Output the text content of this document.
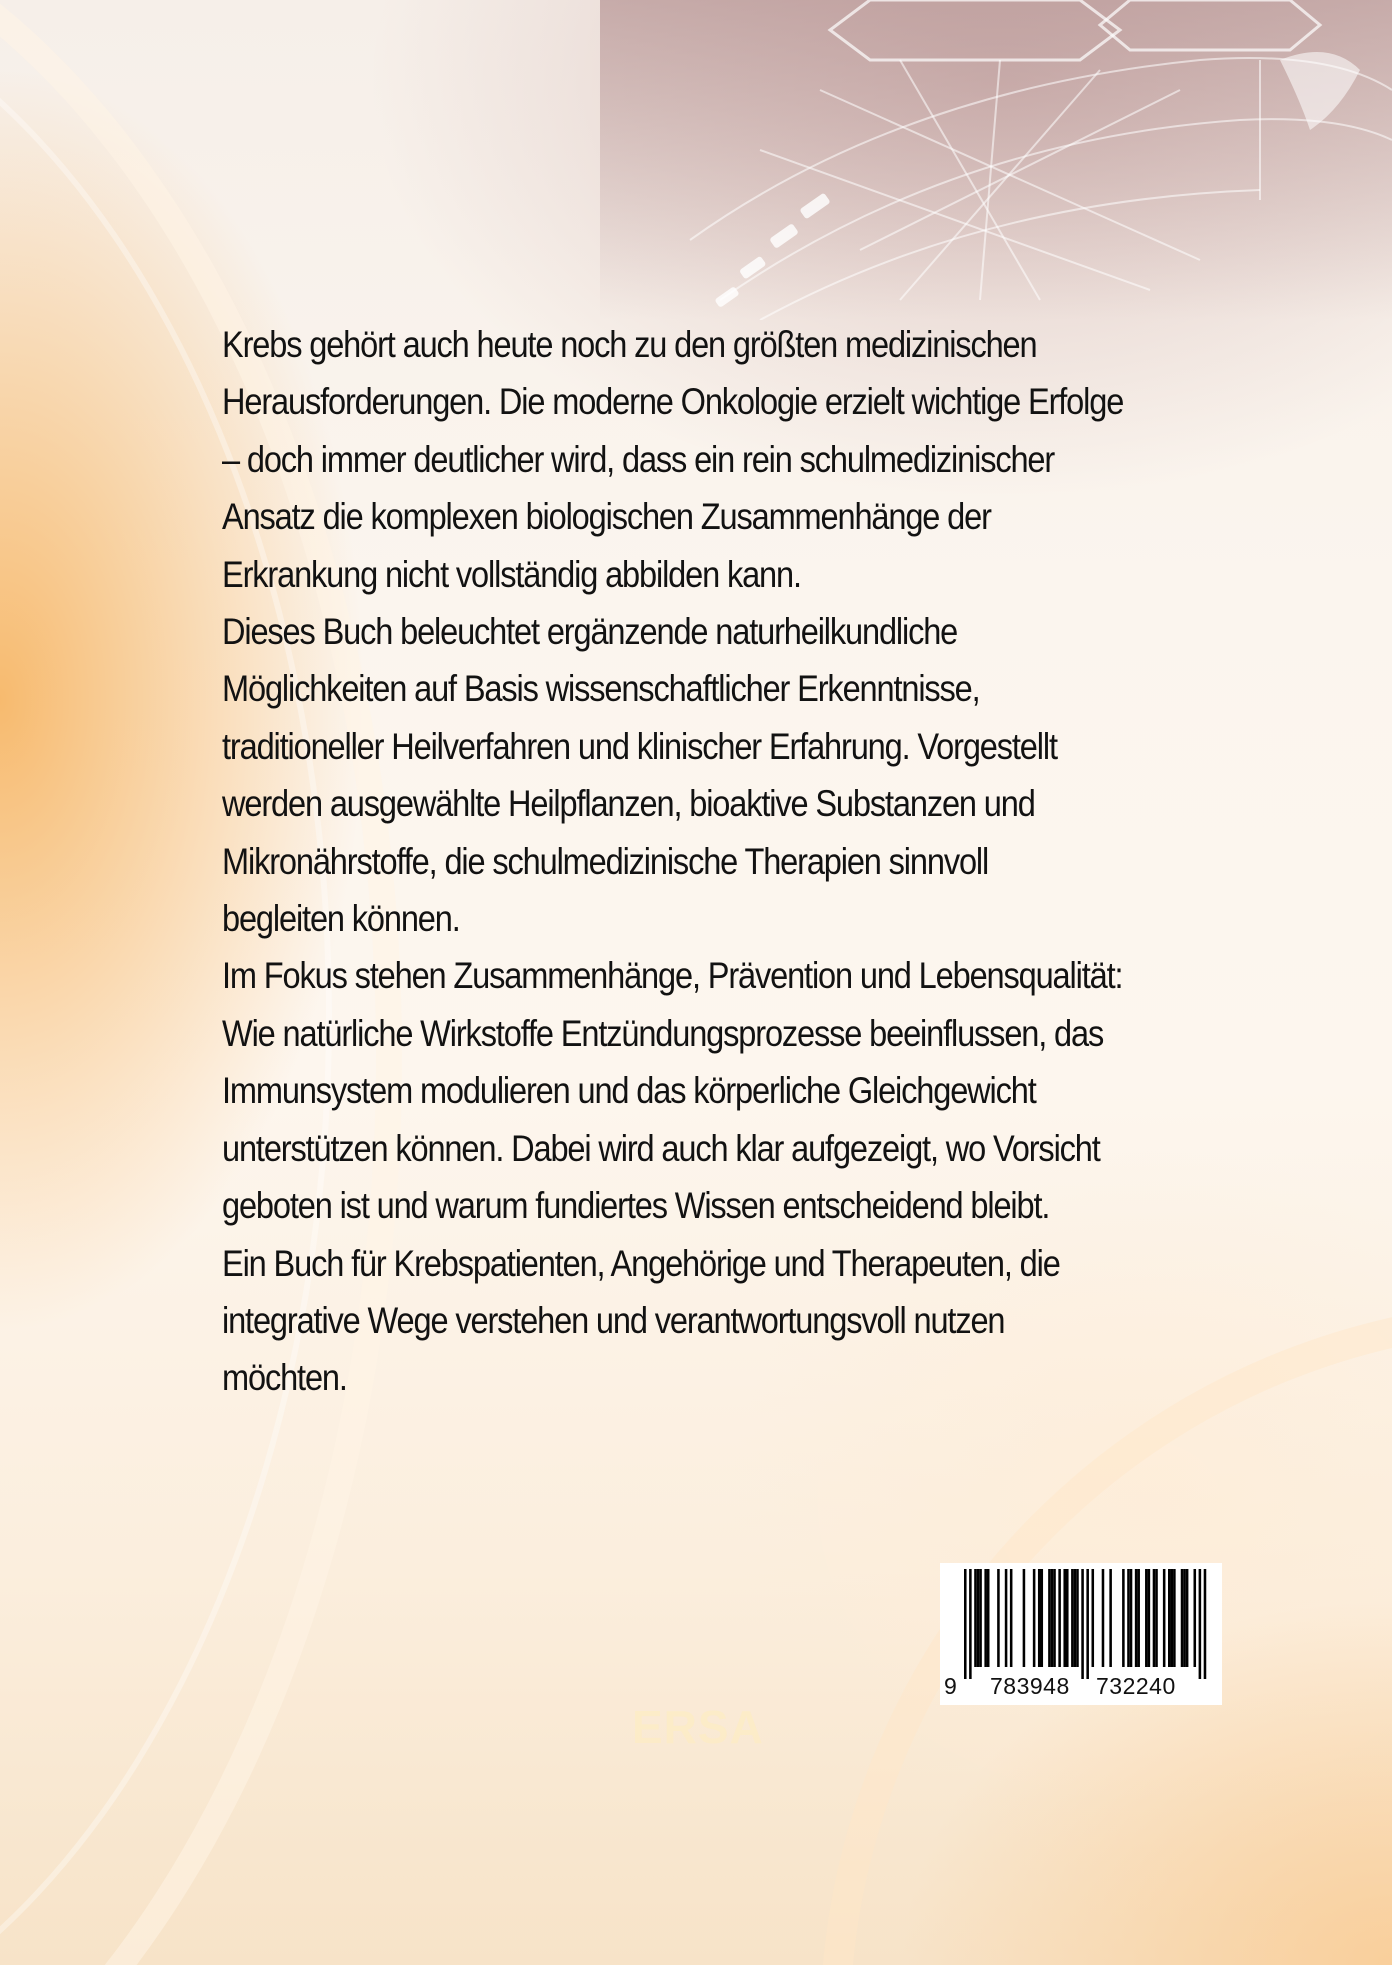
Krebs gehört auch heute noch zu den größten medizinischen
Herausforderungen. Die moderne Onkologie erzielt wichtige Erfolge
– doch immer deutlicher wird, dass ein rein schulmedizinischer
Ansatz die komplexen biologischen Zusammenhänge der
Erkrankung nicht vollständig abbilden kann.
Dieses Buch beleuchtet ergänzende naturheilkundliche
Möglichkeiten auf Basis wissenschaftlicher Erkenntnisse,
traditioneller Heilverfahren und klinischer Erfahrung. Vorgestellt
werden ausgewählte Heilpflanzen, bioaktive Substanzen und
Mikronährstoffe, die schulmedizinische Therapien sinnvoll
begleiten können.
Im Fokus stehen Zusammenhänge, Prävention und Lebensqualität:
Wie natürliche Wirkstoffe Entzündungsprozesse beeinflussen, das
Immunsystem modulieren und das körperliche Gleichgewicht
unterstützen können. Dabei wird auch klar aufgezeigt, wo Vorsicht
geboten ist und warum fundiertes Wissen entscheidend bleibt.
Ein Buch für Krebspatienten, Angehörige und Therapeuten, die
integrative Wege verstehen und verantwortungsvoll nutzen
möchten.

9 783948 732240
ERSA
